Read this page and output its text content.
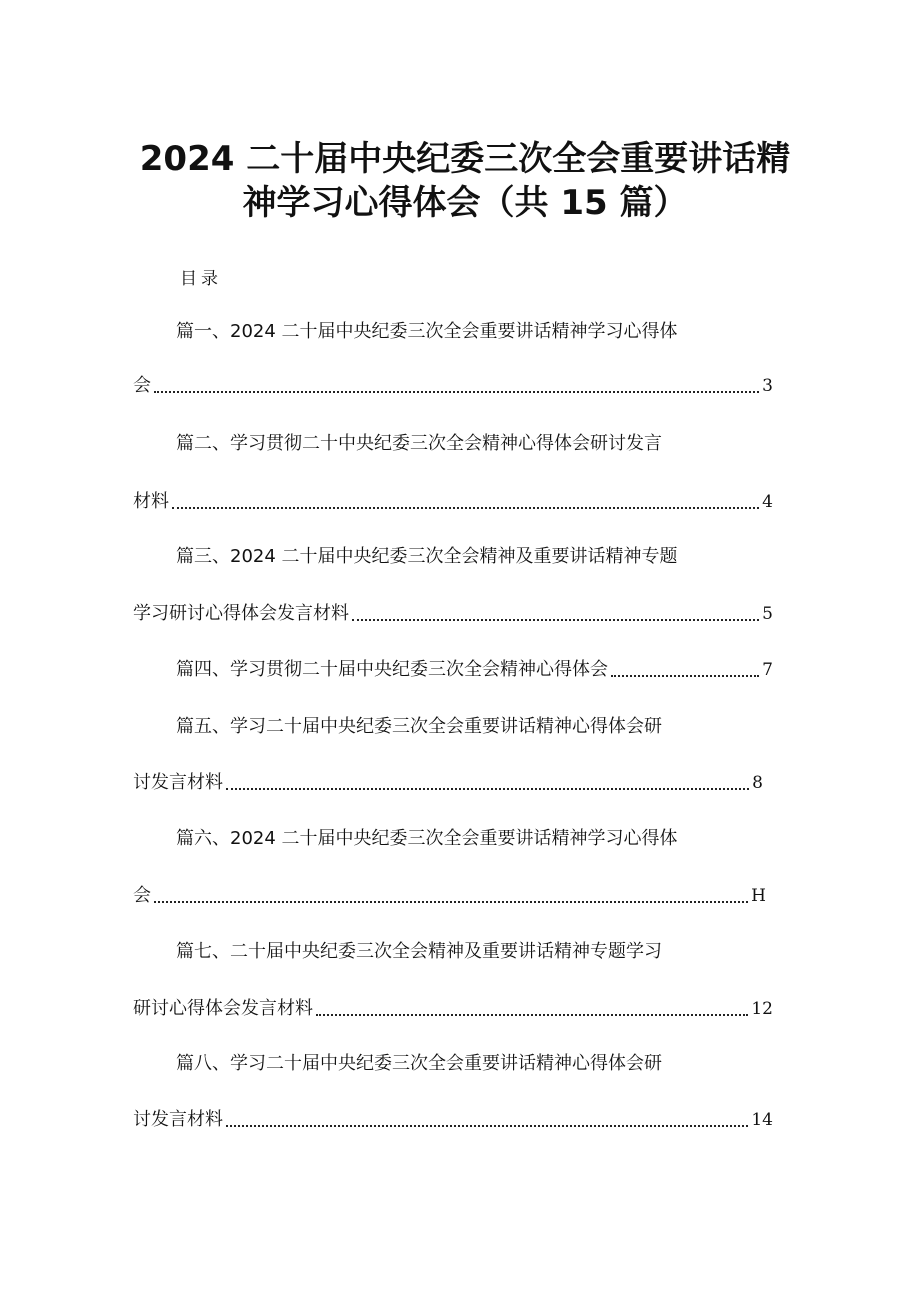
2024 二十届中央纪委三次全会重要讲话精
神学习心得体会（共 15 篇）
目录
篇一、2024 二十届中央纪委三次全会重要讲话精神学习心得体
会	3
篇二、学习贯彻二十中央纪委三次全会精神心得体会研讨发言
材料	4
篇三、2024 二十届中央纪委三次全会精神及重要讲话精神专题
学习研讨心得体会发言材料	5
篇四、学习贯彻二十届中央纪委三次全会精神心得体会	7
篇五、学习二十届中央纪委三次全会重要讲话精神心得体会研
讨发言材料	8
篇六、2024 二十届中央纪委三次全会重要讲话精神学习心得体
会	H
篇七、二十届中央纪委三次全会精神及重要讲话精神专题学习
研讨心得体会发言材料	12
篇八、学习二十届中央纪委三次全会重要讲话精神心得体会研
讨发言材料	14
